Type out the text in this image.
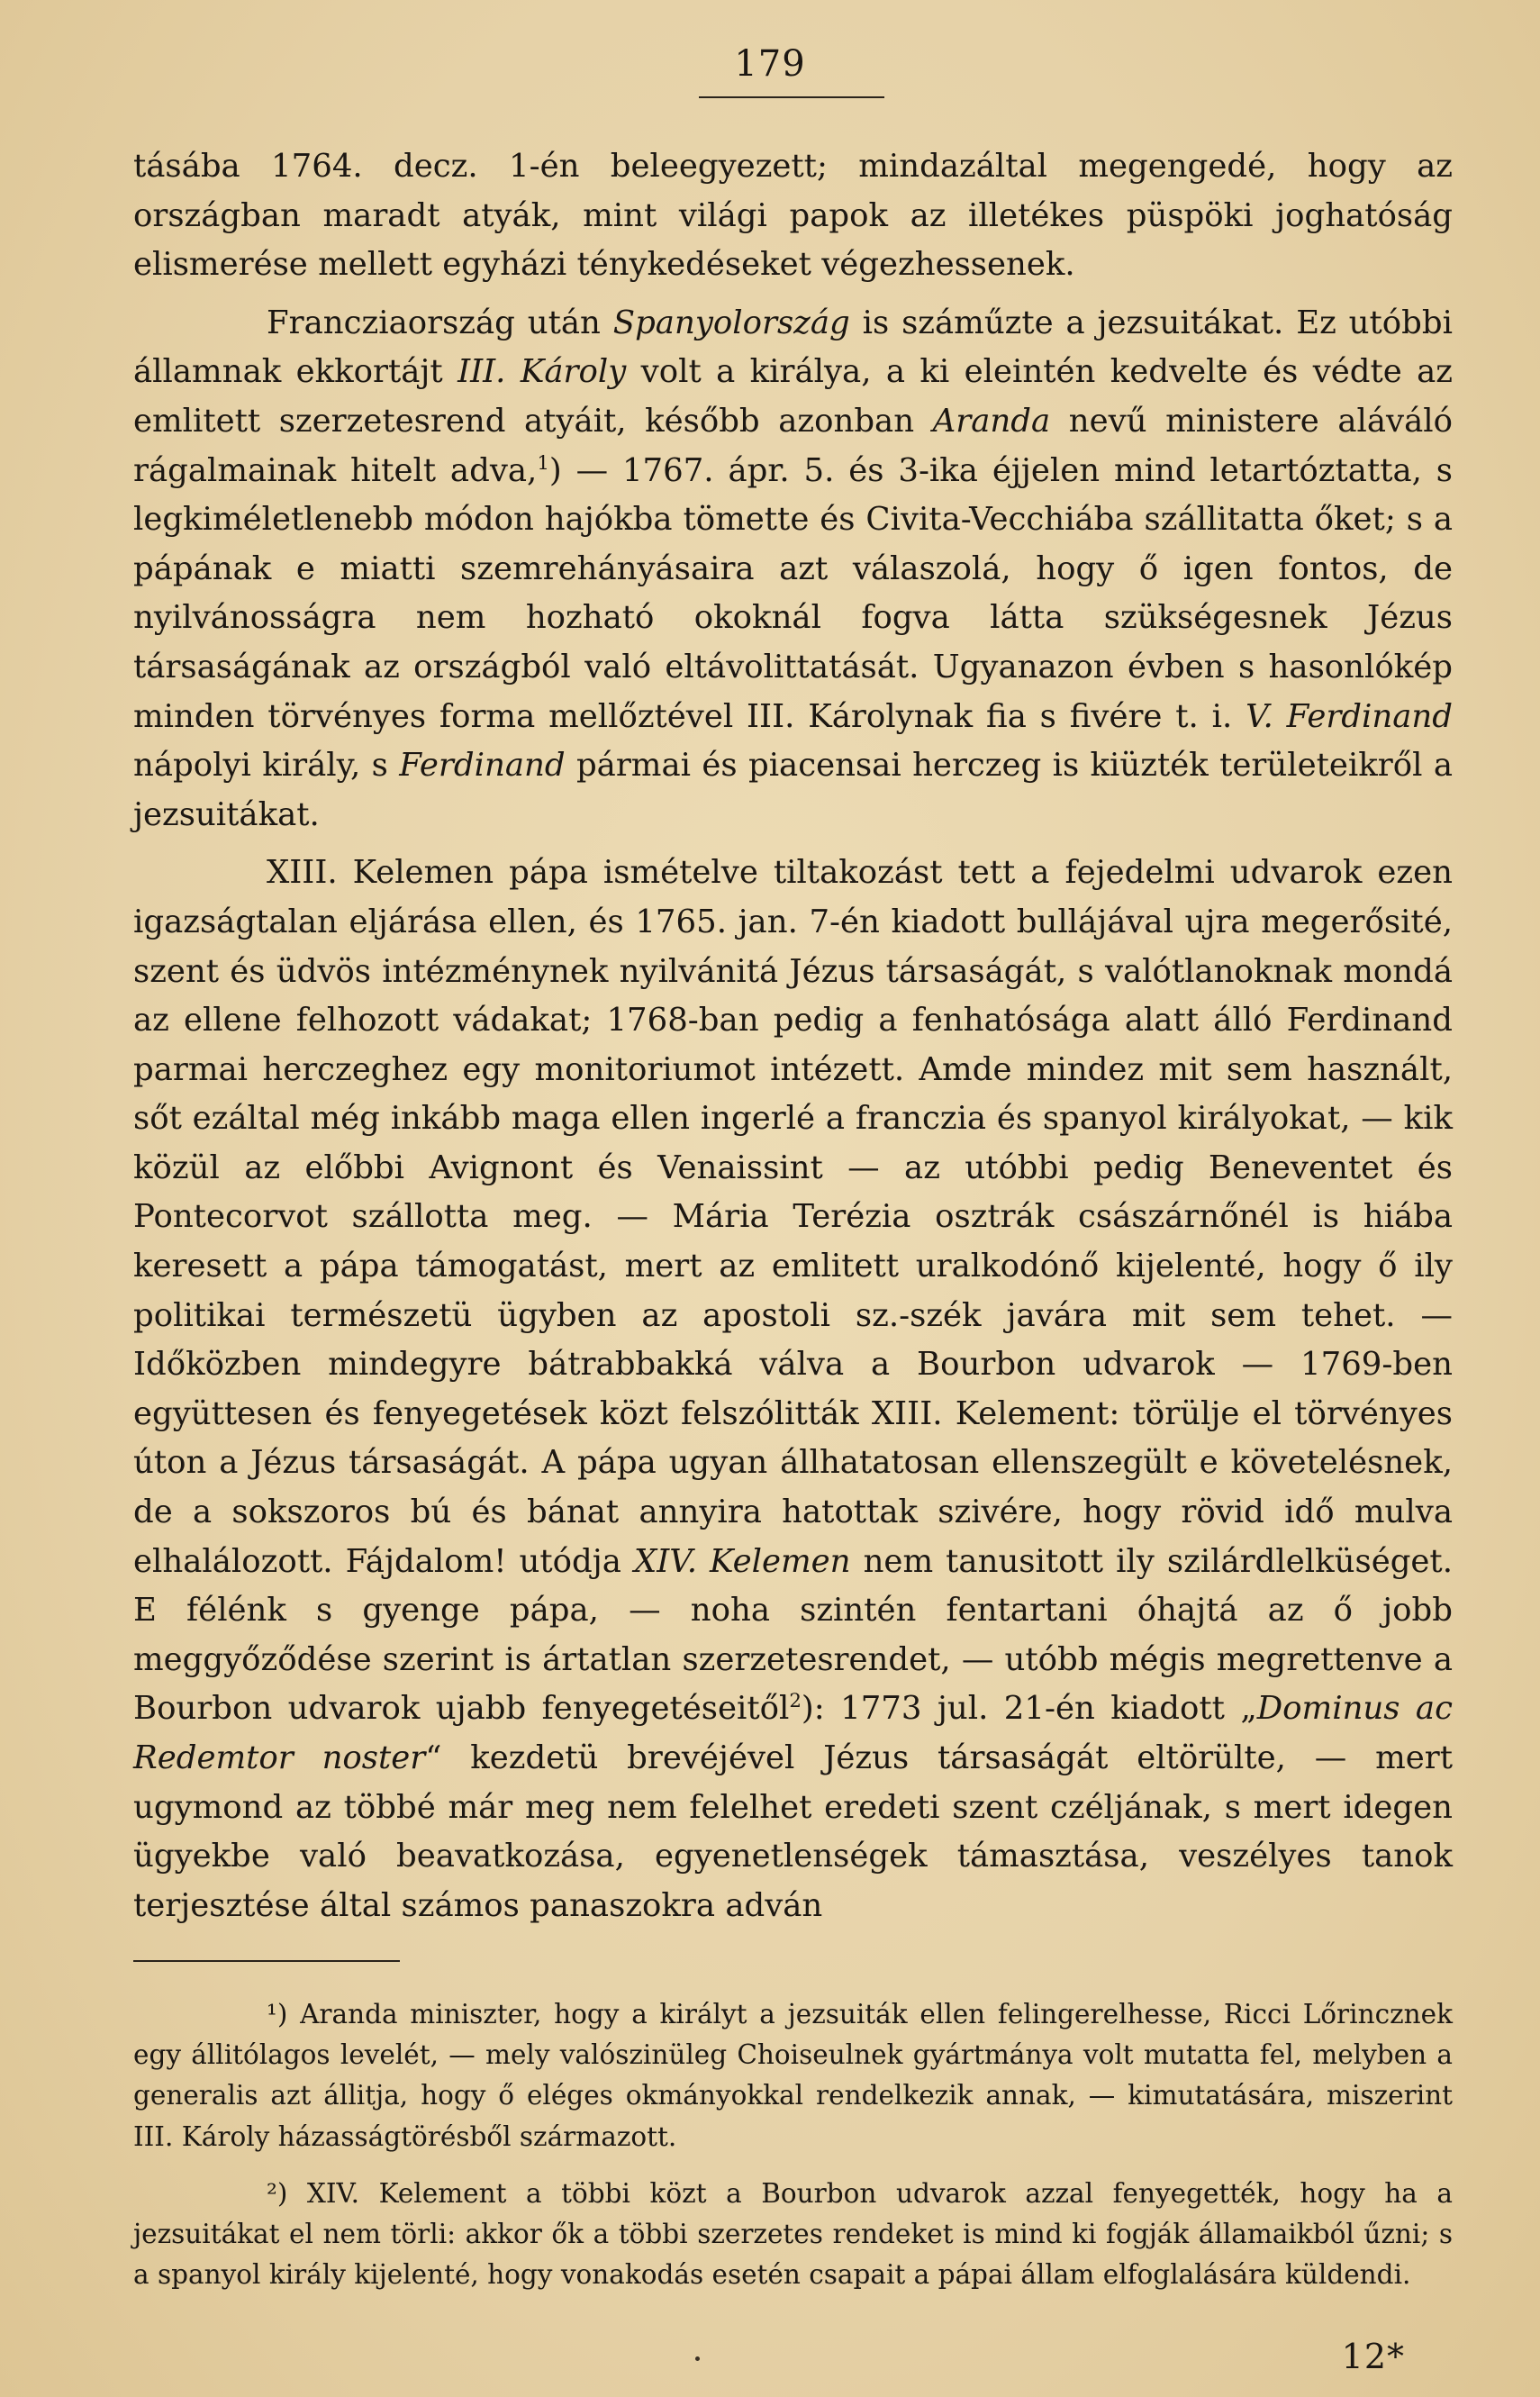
179

tásába 1764. decz. 1-én beleegyezett; mindazáltal megengedé, hogy az országban maradt atyák, mint világi papok az illetékes püspöki joghatóság elismerése mellett egyházi ténykedéseket végezhessenek.

Francziaország után Spanyolország is száműzte a jezsuitákat. Ez utóbbi államnak ekkortájt III. Károly volt a királya, a ki eleintén kedvelte és védte az emlitett szerzetesrend atyáit, később azonban Aranda nevű ministere aláváló rágalmainak hitelt adva,$^1$) — 1767. ápr. 5. és 3-ika éjjelen mind letartóztatta, s legkiméletlenebb módon hajókba tömette és Civita-Vecchiába szállitatta őket; s a pápának e miatti szemrehányásaira azt válaszolá, hogy ő igen fontos, de nyilvánosságra nem hozható okoknál fogva látta szükségesnek Jézus társaságának az országból való eltávolittatását. Ugyanazon évben s hasonlókép minden törvényes forma mellőztével III. Károlynak fia s fivére t. i. V. Ferdinand nápolyi király, s Ferdinand pármai és piacensai herczeg is kiüzték területeikről a jezsuitákat.

XIII. Kelemen pápa ismételve tiltakozást tett a fejedelmi udvarok ezen igazságtalan eljárása ellen, és 1765. jan. 7-én kiadott bullájával ujra megerősité, szent és üdvös intézménynek nyilvánitá Jézus társaságát, s valótlanoknak mondá az ellene felhozott vádakat; 1768-ban pedig a fenhatósága alatt álló Ferdinand parmai herczeghez egy monitoriumot intézett. Amde mindez mit sem használt, sőt ezáltal még inkább maga ellen ingerlé a franczia és spanyol királyokat, — kik közül az előbbi Avignont és Venaissint — az utóbbi pedig Beneventet és Pontecorvot szállotta meg. — Mária Terézia osztrák császárnőnél is hiába keresett a pápa támogatást, mert az emlitett uralkodónő kijelenté, hogy ő ily politikai természetü ügyben az apostoli sz.-szék javára mit sem tehet. — Időközben mindegyre bátrabbakká válva a Bourbon udvarok — 1769-ben együttesen és fenyegetések közt felszólitták XIII. Kelement: törülje el törvényes úton a Jézus társaságát. A pápa ugyan állhatatosan ellenszegült e követelésnek, de a sokszoros bú és bánat annyira hatottak szivére, hogy rövid idő mulva elhalálozott. Fájdalom! utódja XIV. Kelemen nem tanusitott ily szilárdlelküséget. E félénk s gyenge pápa, — noha szintén fentartani óhajtá az ő jobb meggyőződése szerint is ártatlan szerzetesrendet, — utóbb mégis megrettenve a Bourbon udvarok ujabb fenyegetéseitől$^2$): 1773 jul. 21-én kiadott „Dominus ac Redemtor noster“ kezdetü brevéjével Jézus társaságát eltörülte, — mert ugymond az többé már meg nem felelhet eredeti szent czéljának, s mert idegen ügyekbe való beavatkozása, egyenetlenségek támasztása, veszélyes tanok terjesztése által számos panaszokra adván

¹) Aranda miniszter, hogy a királyt a jezsuiták ellen felingerelhesse, Ricci Lőrincznek egy állitólagos levelét, — mely valószinüleg Choiseulnek gyártmánya volt mutatta fel, melyben a generalis azt állitja, hogy ő eléges okmányokkal rendelkezik annak, — kimutatására, miszerint III. Károly házasságtörésből származott.

²) XIV. Kelement a többi közt a Bourbon udvarok azzal fenyegették, hogy ha a jezsuitákat el nem törli: akkor ők a többi szerzetes rendeket is mind ki fogják államaikból űzni; s a spanyol király kijelenté, hogy vonakodás esetén csapait a pápai állam elfoglalására küldendi.

12*
